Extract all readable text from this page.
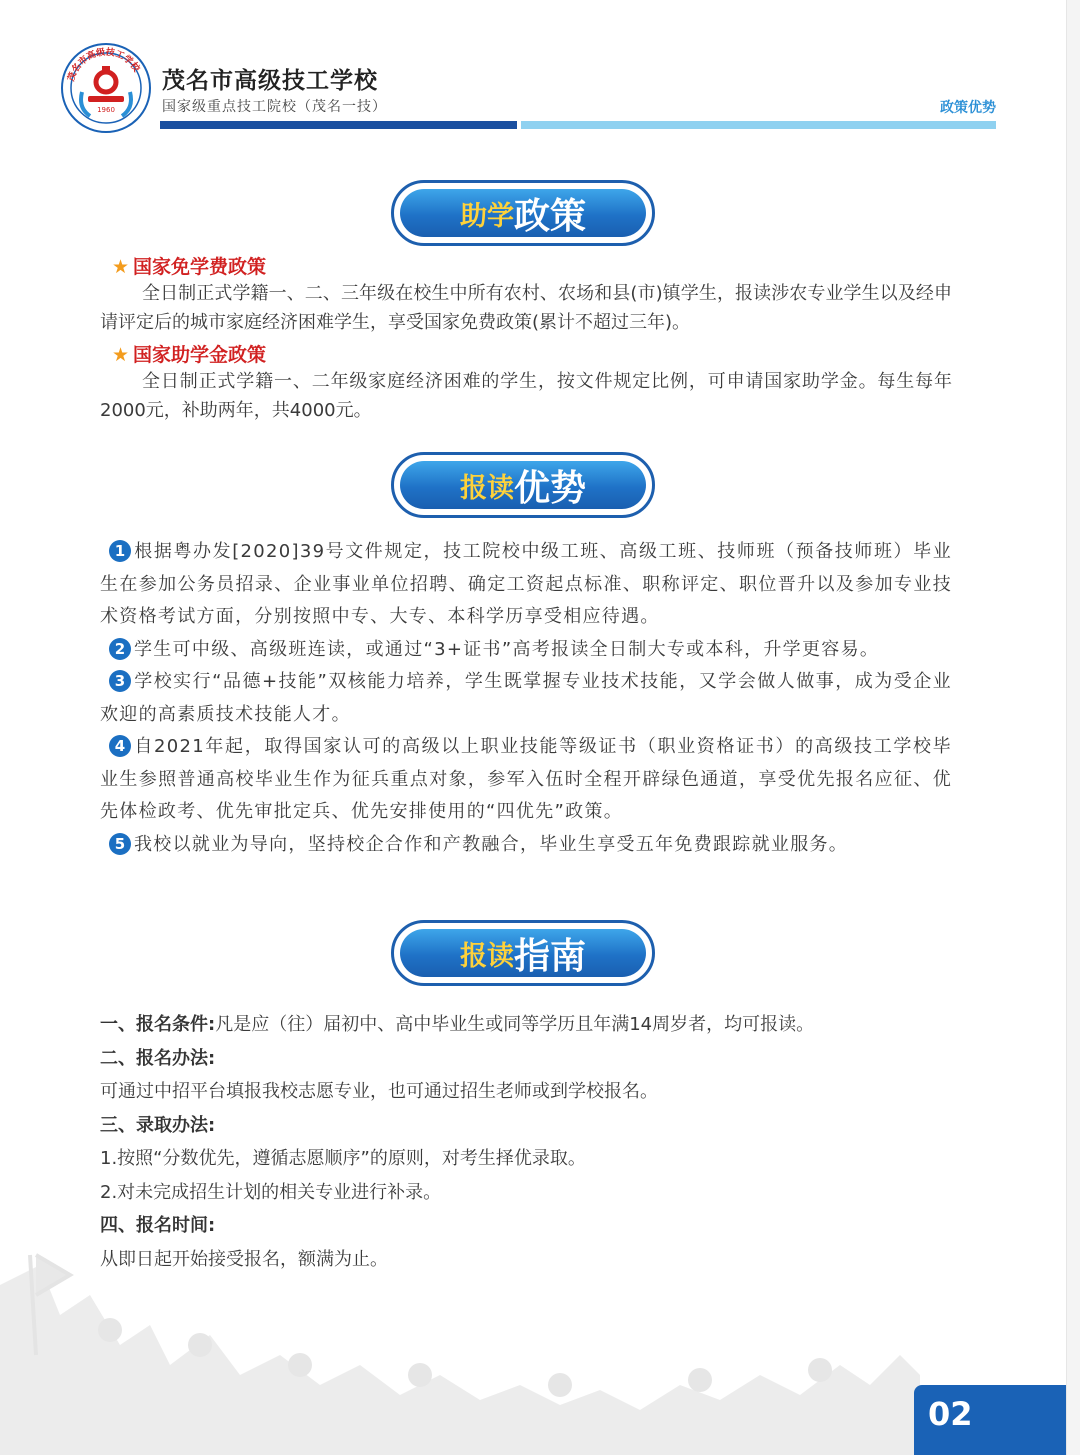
茂名市高级技工学校
1960
茂名市高级技工学校
国家级重点技工院校（茂名一技）	政策优势
助学 政策
★ 国家免学费政策
全日制正式学籍一、二、三年级在校生中所有农村、农场和县(市)镇学生，报读涉农专业学生以及经申请评定后的城市家庭经济困难学生，享受国家免费政策(累计不超过三年)。
★ 国家助学金政策
全日制正式学籍一、二年级家庭经济困难的学生，按文件规定比例，可申请国家助学金。每生每年2000元，补助两年，共4000元。
报读 优势
1 根据粤办发[2020]39号文件规定，技工院校中级工班、高级工班、技师班（预备技师班）毕业生在参加公务员招录、企业事业单位招聘、确定工资起点标准、职称评定、职位晋升以及参加专业技术资格考试方面，分别按照中专、大专、本科学历享受相应待遇。
2 学生可中级、高级班连读，或通过“3+证书”高考报读全日制大专或本科，升学更容易。
3 学校实行“品德+技能”双核能力培养，学生既掌握专业技术技能，又学会做人做事，成为受企业欢迎的高素质技术技能人才。
4 自2021年起，取得国家认可的高级以上职业技能等级证书（职业资格证书）的高级技工学校毕业生参照普通高校毕业生作为征兵重点对象，参军入伍时全程开辟绿色通道，享受优先报名应征、优先体检政考、优先审批定兵、优先安排使用的“四优先”政策。
5 我校以就业为导向，坚持校企合作和产教融合，毕业生享受五年免费跟踪就业服务。
报读 指南
一、报名条件:凡是应（往）届初中、高中毕业生或同等学历且年满14周岁者，均可报读。
二、报名办法:
可通过中招平台填报我校志愿专业，也可通过招生老师或到学校报名。
三、录取办法:
1.按照“分数优先，遵循志愿顺序”的原则，对考生择优录取。
2.对未完成招生计划的相关专业进行补录。
四、报名时间:
从即日起开始接受报名，额满为止。
02
